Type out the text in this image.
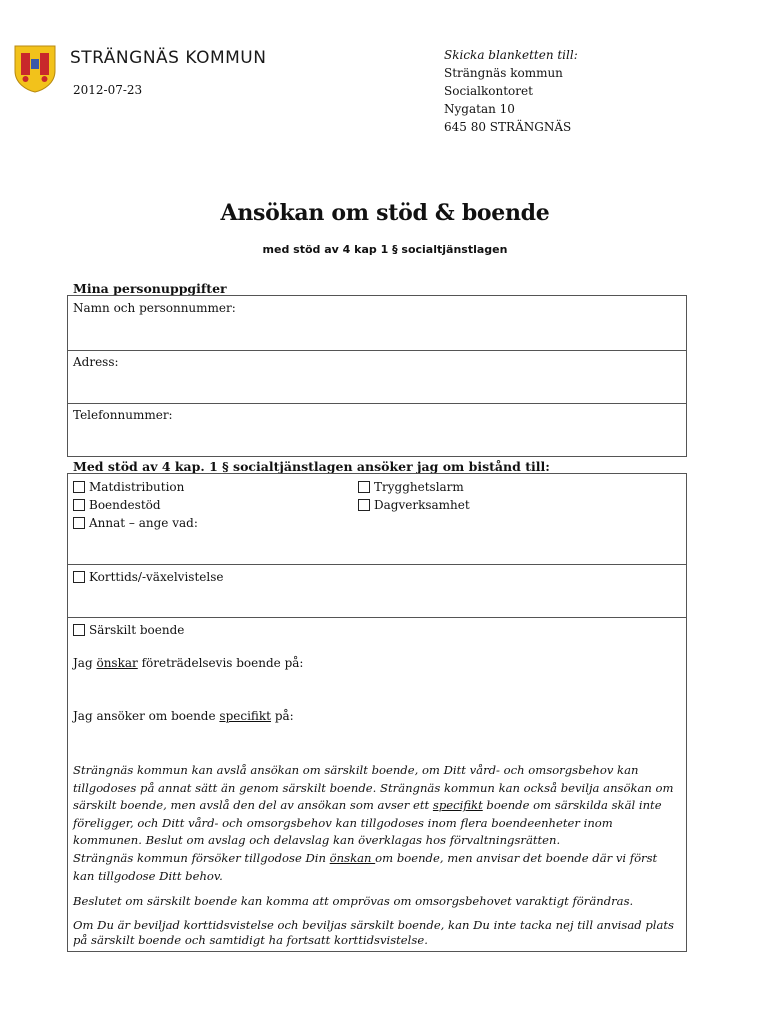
STRÄNGNÄS KOMMUN
2012-07-23
Skicka blanketten till:
Strängnäs kommun
Socialkontoret
Nygatan 10
645 80 STRÄNGNÄS
Ansökan om stöd & boende
med stöd av 4 kap 1 § socialtjänstlagen
Mina personuppgifter
Namn och personnummer:
Adress:
Telefonnummer:
Med stöd av 4 kap. 1 § socialtjänstlagen ansöker jag om bistånd till:
Matdistribution
Boendestöd
Annat – ange vad:
Trygghetslarm
Dagverksamhet
Korttids/-växelvistelse
Särskilt boende
Jag önskar företrädelsevis boende på:
Jag ansöker om boende specifikt på:
Strängnäs kommun kan avslå ansökan om särskilt boende, om Ditt vård- och omsorgsbehov kan tillgodoses på annat sätt än genom särskilt boende. Strängnäs kommun kan också bevilja ansökan om särskilt boende, men avslå den del av ansökan som avser ett specifikt boende om särskilda skäl inte föreligger, och Ditt vård- och omsorgsbehov kan tillgodoses inom flera boendeenheter inom kommunen. Beslut om avslag och delavslag kan överklagas hos förvaltningsrätten.
Strängnäs kommun försöker tillgodose Din önskan om boende, men anvisar det boende där vi först kan tillgodose Ditt behov.
Beslutet om särskilt boende kan komma att omprövas om omsorgsbehovet varaktigt förändras.
Om Du är beviljad korttidsvistelse och beviljas särskilt boende, kan Du inte tacka nej till anvisad plats på särskilt boende och samtidigt ha fortsatt korttidsvistelse.
